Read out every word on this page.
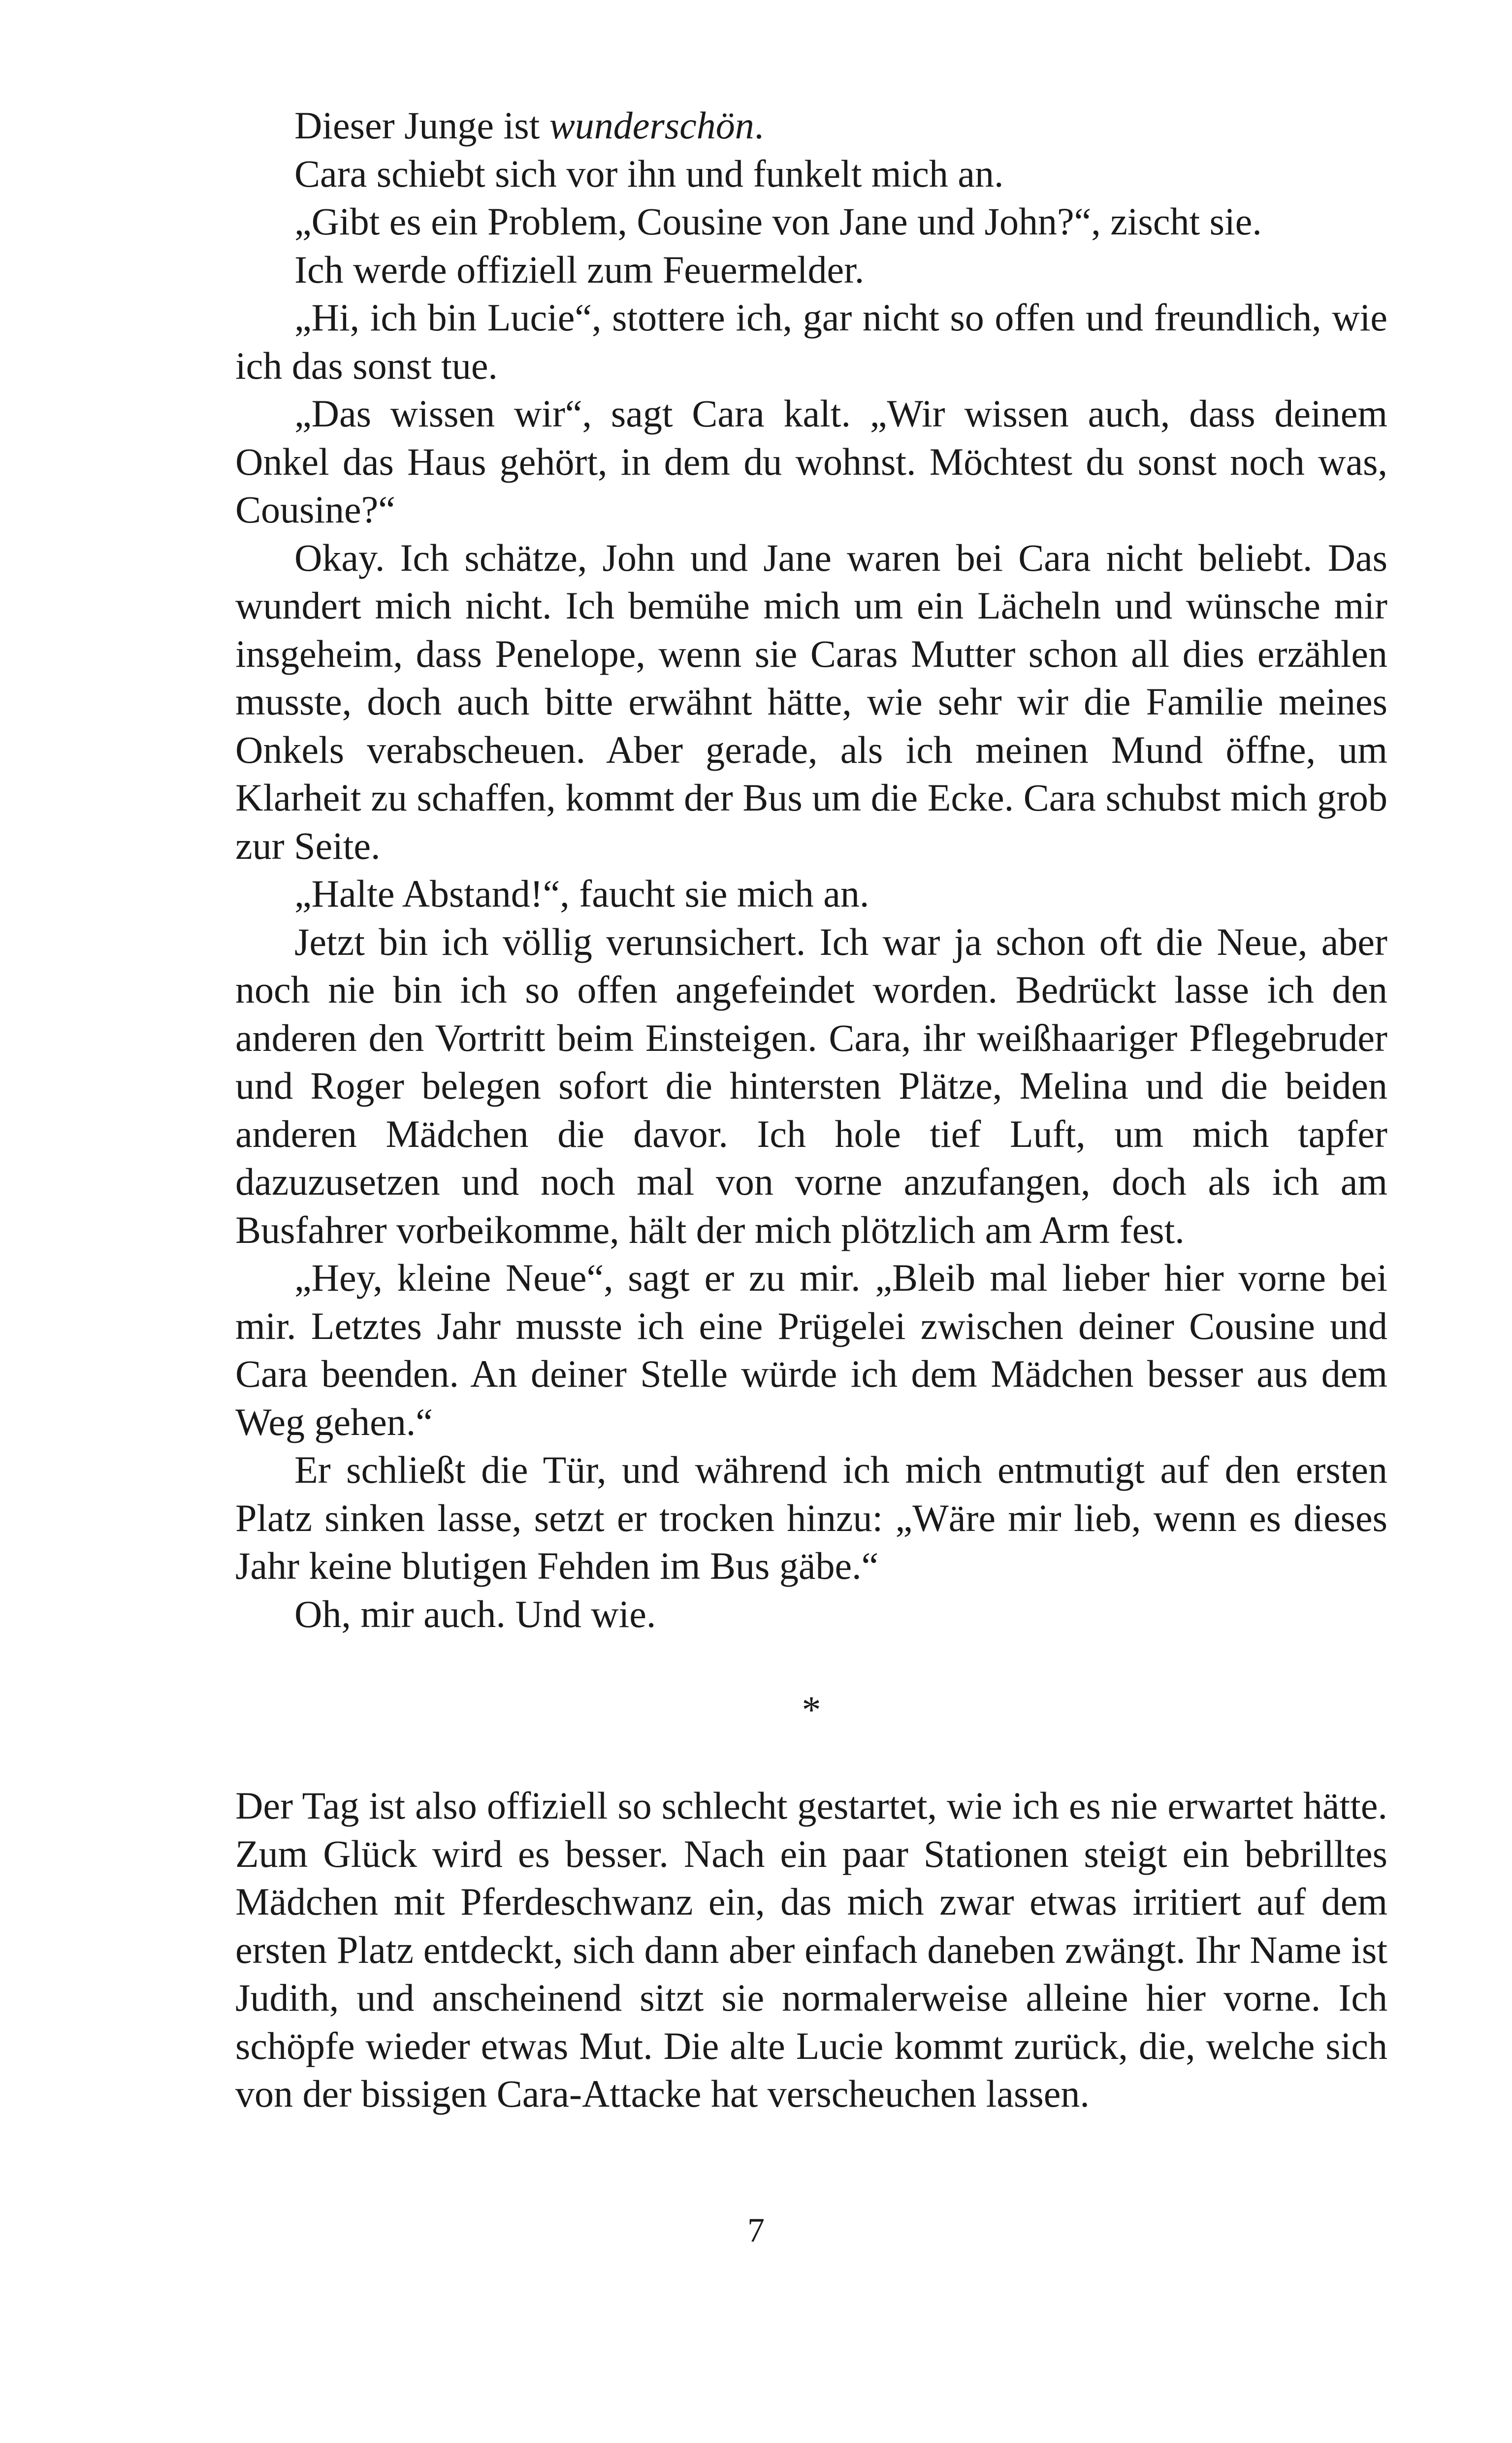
Dieser Junge ist wunderschön.

Cara schiebt sich vor ihn und funkelt mich an.

„Gibt es ein Problem, Cousine von Jane und John?“, zischt sie.

Ich werde offiziell zum Feuermelder.

„Hi, ich bin Lucie“, stottere ich, gar nicht so offen und freundlich, wie ich das sonst tue.

„Das wissen wir“, sagt Cara kalt. „Wir wissen auch, dass deinem Onkel das Haus gehört, in dem du wohnst. Möchtest du sonst noch was, Cousine?“

Okay. Ich schätze, John und Jane waren bei Cara nicht beliebt. Das wundert mich nicht. Ich bemühe mich um ein Lächeln und wünsche mir insgeheim, dass Penelope, wenn sie Caras Mutter schon all dies erzählen musste, doch auch bitte erwähnt hätte, wie sehr wir die Familie meines Onkels verabscheuen. Aber gerade, als ich meinen Mund öffne, um Klarheit zu schaffen, kommt der Bus um die Ecke. Cara schubst mich grob zur Seite.

„Halte Abstand!“, faucht sie mich an.

Jetzt bin ich völlig verunsichert. Ich war ja schon oft die Neue, aber noch nie bin ich so offen angefeindet worden. Bedrückt lasse ich den anderen den Vortritt beim Einsteigen. Cara, ihr weißhaariger Pflegebruder und Roger belegen sofort die hintersten Plätze, Melina und die beiden anderen Mädchen die davor. Ich hole tief Luft, um mich tapfer dazuzusetzen und noch mal von vorne anzufangen, doch als ich am Busfahrer vorbeikomme, hält der mich plötzlich am Arm fest.

„Hey, kleine Neue“, sagt er zu mir. „Bleib mal lieber hier vorne bei mir. Letztes Jahr musste ich eine Prügelei zwischen deiner Cousine und Cara beenden. An deiner Stelle würde ich dem Mädchen besser aus dem Weg gehen.“

Er schließt die Tür, und während ich mich entmutigt auf den ersten Platz sinken lasse, setzt er trocken hinzu: „Wäre mir lieb, wenn es dieses Jahr keine blutigen Fehden im Bus gäbe.“

Oh, mir auch. Und wie.

*

Der Tag ist also offiziell so schlecht gestartet, wie ich es nie erwartet hätte. Zum Glück wird es besser. Nach ein paar Stationen steigt ein bebrilltes Mädchen mit Pferdeschwanz ein, das mich zwar etwas irritiert auf dem ersten Platz entdeckt, sich dann aber einfach daneben zwängt. Ihr Name ist Judith, und anscheinend sitzt sie normalerweise alleine hier vorne. Ich schöpfe wieder etwas Mut. Die alte Lucie kommt zurück, die, welche sich von der bissigen Cara-Attacke hat verscheuchen lassen.

7
